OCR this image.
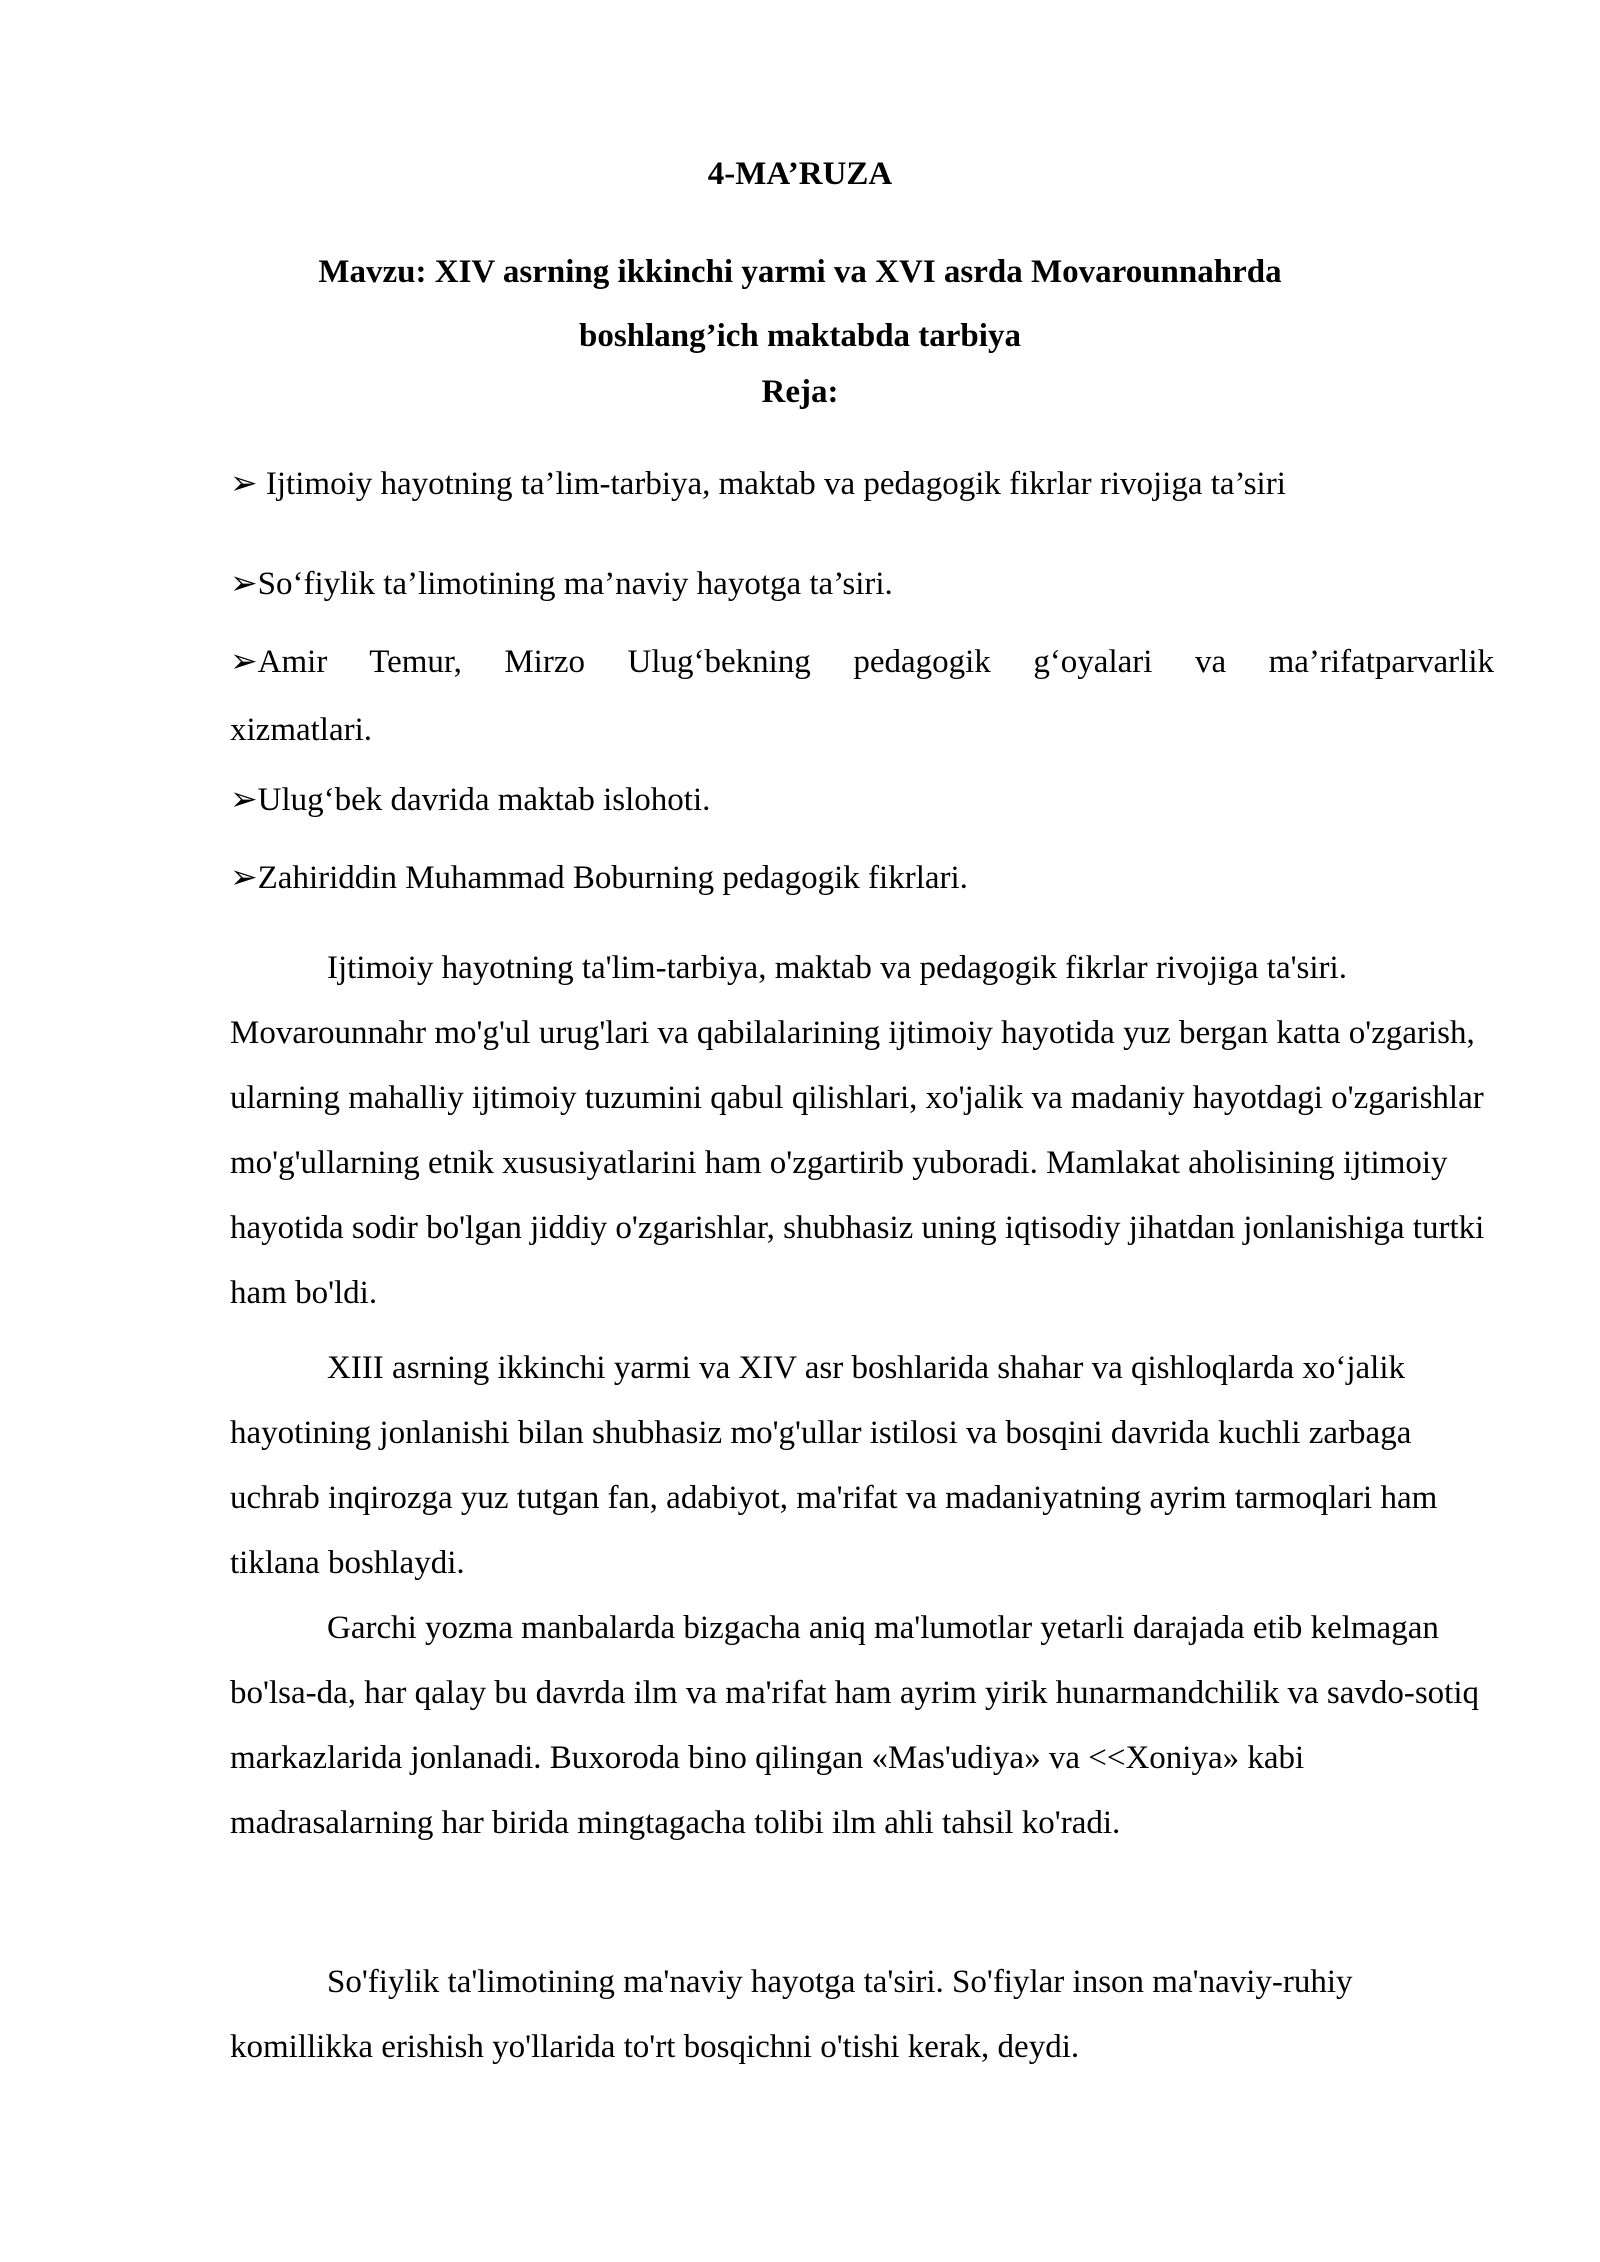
4-MA’RUZA
Mavzu: XIV asrning ikkinchi yarmi va XVI asrda Movarounnahrda
boshlang’ich maktabda tarbiya
Reja:
➢ Ijtimoiy hayotning ta’lim-tarbiya, maktab va pedagogik fikrlar rivojiga ta’siri
➢So‘fiylik ta’limotining ma’naviy hayotga ta’siri.
➢Amir Temur, Mirzo Ulug‘bekning pedagogik g‘oyalari va ma’rifatparvarlik
xizmatlari.
➢Ulug‘bek davrida maktab islohoti.
➢Zahiriddin Muhammad Boburning pedagogik fikrlari.
Ijtimoiy hayotning ta'lim-tarbiya, maktab va pedagogik fikrlar rivojiga ta'siri. Movarounnahr mo'g'ul urug'lari va qabilalarining ijtimoiy hayotida yuz bergan katta o'zgarish, ularning mahalliy ijtimoiy tuzumini qabul qilishlari, xo'jalik va madaniy hayotdagi o'zgarishlar mo'g'ullarning etnik xususiyatlarini ham o'zgartirib yuboradi. Mamlakat aholisining ijtimoiy hayotida sodir bo'lgan jiddiy o'zgarishlar, shubhasiz uning iqtisodiy jihatdan jonlanishiga turtki ham bo'ldi.
XIII asrning ikkinchi yarmi va XIV asr boshlarida shahar va qishloqlarda xo‘jalik hayotining jonlanishi bilan shubhasiz mo'g'ullar istilosi va bosqini davrida kuchli zarbaga uchrab inqirozga yuz tutgan fan, adabiyot, ma'rifat va madaniyatning ayrim tarmoqlari ham tiklana boshlaydi.
Garchi yozma manbalarda bizgacha aniq ma'lumotlar yetarli darajada etib kelmagan bo'lsa-da, har qalay bu davrda ilm va ma'rifat ham ayrim yirik hunarmandchilik va savdo-sotiq markazlarida jonlanadi. Buxoroda bino qilingan «Mas'udiya» va <<Xoniya» kabi madrasalarning har birida mingtagacha tolibi ilm ahli tahsil ko'radi.
So'fiylik ta'limotining ma'naviy hayotga ta'siri. So'fiylar inson ma'naviy-ruhiy komillikka erishish yo'llarida to'rt bosqichni o'tishi kerak, deydi.
